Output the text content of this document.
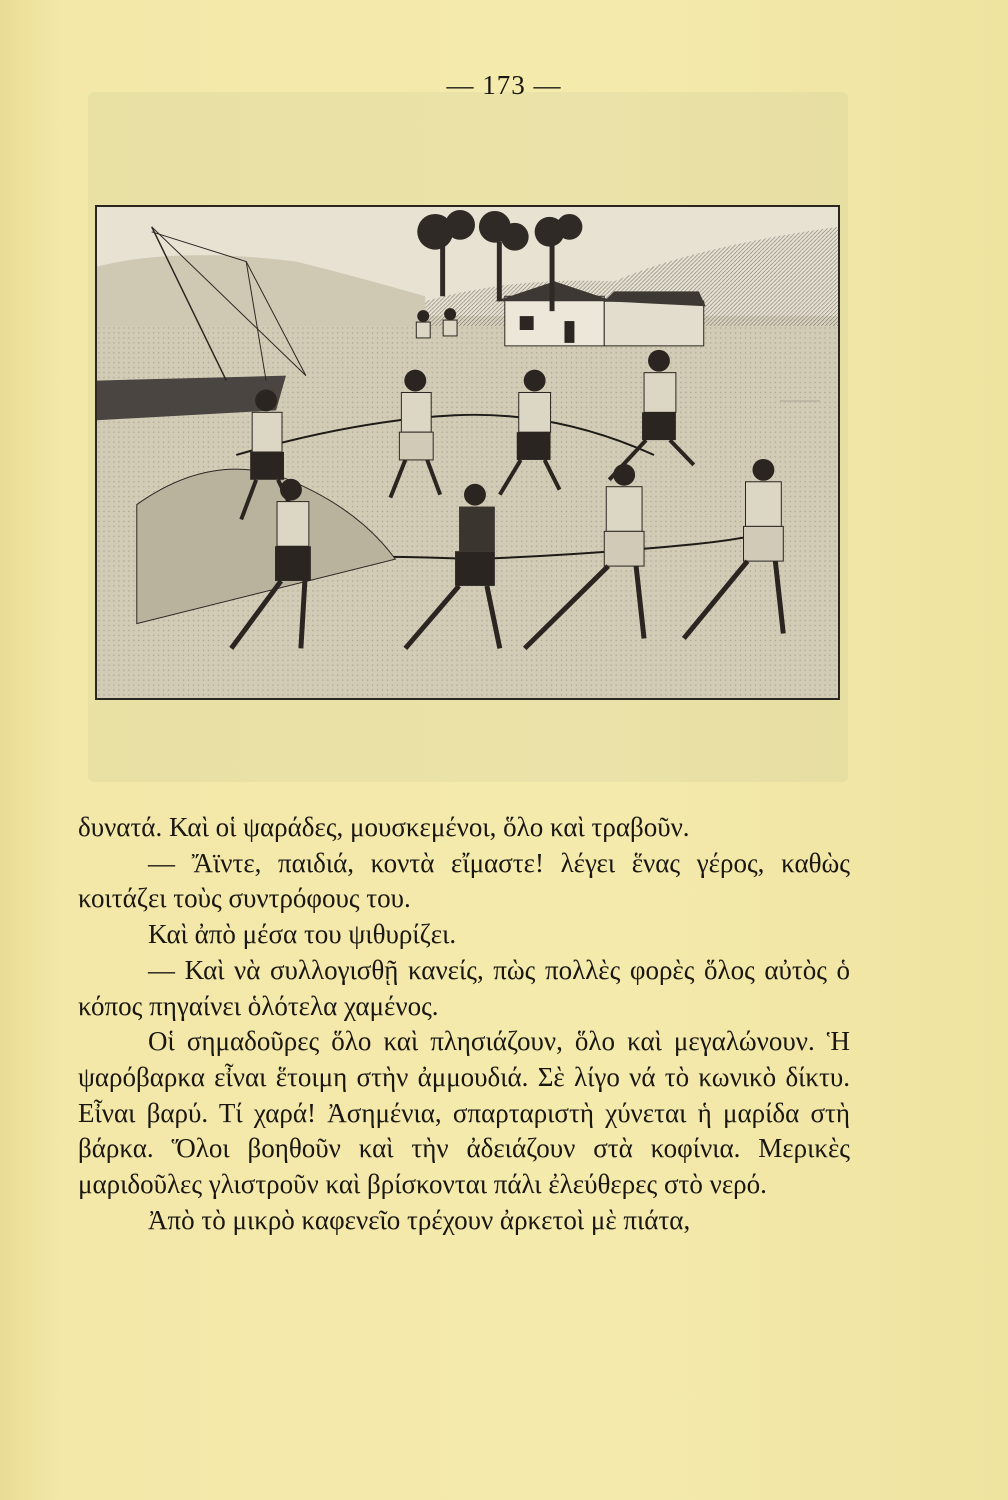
— 173 —

δυνατά. Καὶ οἱ ψαράδες, μουσκεμένοι, ὅλο καὶ τραβοῦν.

— Ἄϊντε, παιδιά, κοντὰ εἴμαστε! λέγει ἕνας γέρος, καθὼς κοιτάζει τοὺς συντρόφους του.

Καὶ ἀπὸ μέσα του ψιθυρίζει.

— Καὶ νὰ συλλογισθῇ κανείς, πὼς πολλὲς φορὲς ὅλος αὐτὸς ὁ κόπος πηγαίνει ὁλότελα χαμένος.

Οἱ σημαδοῦρες ὅλο καὶ πλησιάζουν, ὅλο καὶ μεγαλώνουν. Ἡ ψαρόβαρκα εἶναι ἕτοιμη στὴν ἀμμουδιά. Σὲ λίγο νά τὸ κωνικὸ δίκτυ. Εἶναι βαρύ. Τί χαρά! Ἀσημένια, σπαρταριστὴ χύνεται ἡ μαρίδα στὴ βάρκα. Ὅλοι βοηθοῦν καὶ τὴν ἀδειάζουν στὰ κοφίνια. Μερικὲς μαριδοῦλες γλιστροῦν καὶ βρίσκονται πάλι ἐλεύθερες στὸ νερό.

Ἀπὸ τὸ μικρὸ καφενεῖο τρέχουν ἀρκετοὶ μὲ πιάτα,
